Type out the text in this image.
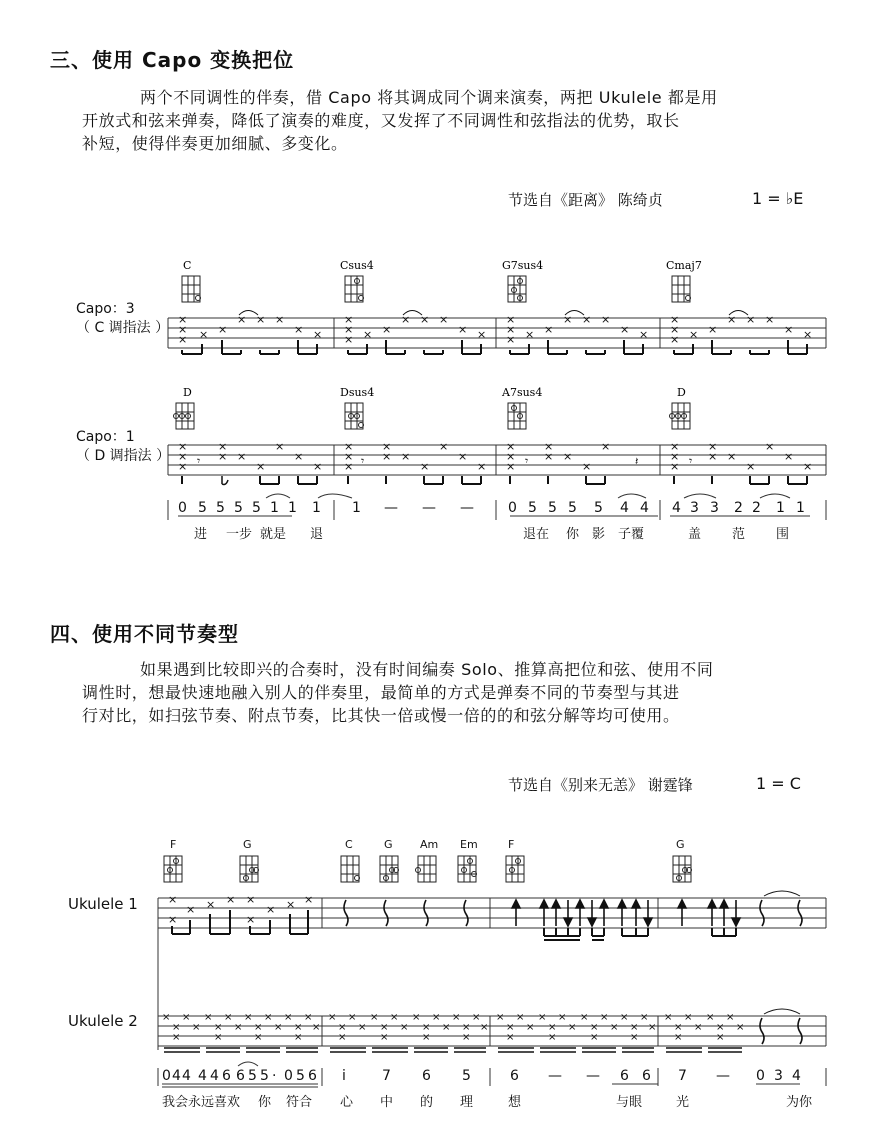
三、使用 Capo 变换把位
两个不同调性的伴奏，借 Capo 将其调成同个调来演奏，两把 Ukulele 都是用
开放式和弦来弹奏，降低了演奏的难度，又发挥了不同调性和弦指法的优势，取长
补短，使得伴奏更加细腻、多变化。
节选自《距离》 陈绮贞	1 = ♭E
Capo：3
（ C 调指法 ）
Capo：1
（ D 调指法 ）
C	Csus4	G7sus4	Cmaj7
×
×
× × ×
× × ×
× ×
×
×
× × ×
× × ×
× ×
×
×
× × ×
× × ×
× ×
×
×
× × ×
× × ×
× ×
D	Dsus4	A7sus4	D
×
×
×
×
× ×
×
×
×
×
×
×
×
×
× ×
×
×
×
×
×
×
×
×
× ×
×
×
𝄽
×
×
×
×
× ×
×
×
×
×
𝄾	𝄾	𝄾	𝄾
0 5 5 5 5 1 1 1 1 — — — 0 5 5 5 5 4 4 4 3 3 2 2 1 1
进 一步 就是 退	退在 你 影 子覆	盖 范 围
四、使用不同节奏型
如果遇到比较即兴的合奏时，没有时间编奏 Solo、推算高把位和弦、使用不同
调性时，想最快速地融入别人的伴奏里，最简单的方式是弹奏不同的节奏型与其进
行对比，如扫弦节奏、附点节奏，比其快一倍或慢一倍的的和弦分解等均可使用。
节选自《别来无恙》 谢霆锋	1 = C
Ukulele 1
Ukulele 2
F	G	C	G Am Em	F	G
×
×
× × × ×
×
× × ×
×
×
×
×
×
×
×
×
×
×
×
×
×
×
×
×
×
×
×
×
×
×
×
×
×
×
×
×
×
×
×
×
×
×
×
×
×
×
×
×
×
×
×
×
×
×
×
×
×
×
×
×
×
×
×
×
×
×
×
×
×
×
×
×
×
×
×
×
×
×
0 4 4 4 4 6 6 5 5 · 0 5 6 i	7 6 5	6 — — 6 6 7 — 0 3 4
我会永远喜欢 你 符合 心 中 的 理	想	与眼	光	为你
